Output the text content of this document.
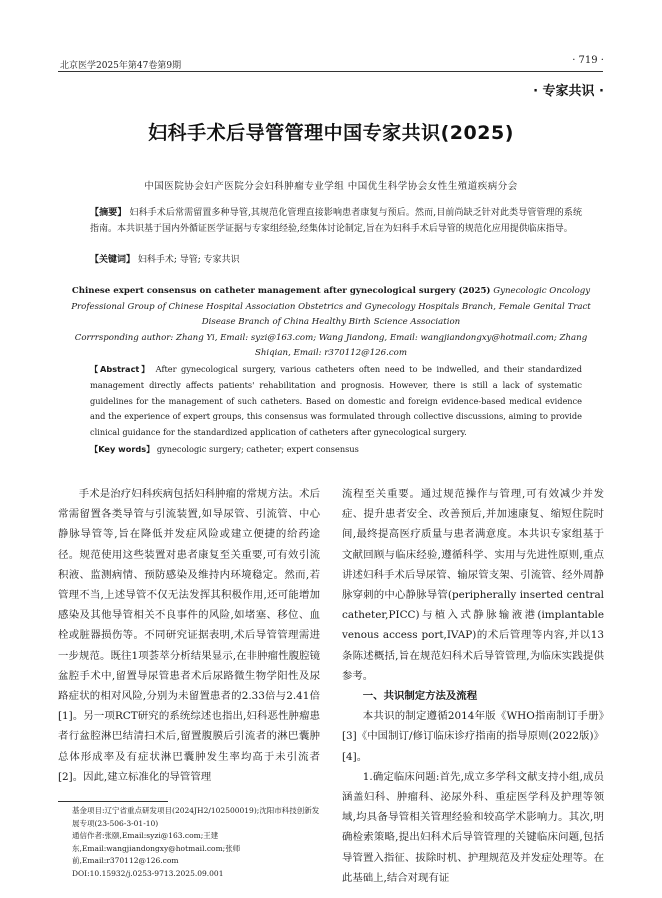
北京医学2025年第47卷第9期	· 719 ·
· 专家共识 ·
妇科手术后导管管理中国专家共识(2025)
中国医院协会妇产医院分会妇科肿瘤专业学组 中国优生科学协会女性生殖道疾病分会
【摘要】 妇科手术后常需留置多种导管,其规范化管理直接影响患者康复与预后。然而,目前尚缺乏针对此类导管管理的系统指南。本共识基于国内外循证医学证据与专家组经验,经集体讨论制定,旨在为妇科手术后导管的规范化应用提供临床指导。
【关键词】 妇科手术; 导管; 专家共识
Chinese expert consensus on catheter management after gynecological surgery (2025) Gynecologic Oncology Professional Group of Chinese Hospital Association Obstetrics and Gynecology Hospitals Branch, Female Genital Tract Disease Branch of China Healthy Birth Science Association
Corrrsponding author: Zhang Yi, Email: syzi@163.com; Wang Jiandong, Email: wangjiandongxy@hotmail.com; Zhang Shiqian, Email: r370112@126.com
【Abstract】 After gynecological surgery, various catheters often need to be indwelled, and their standardized management directly affects patients' rehabilitation and prognosis. However, there is still a lack of systematic guidelines for the management of such catheters. Based on domestic and foreign evidence-based medical evidence and the experience of expert groups, this consensus was formulated through collective discussions, aiming to provide clinical guidance for the standardized application of catheters after gynecological surgery.
【Key words】 gynecologic surgery; catheter; expert consensus

手术是治疗妇科疾病包括妇科肿瘤的常规方法。术后常需留置各类导管与引流装置,如导尿管、引流管、中心静脉导管等,旨在降低并发症风险或建立便捷的给药途径。规范使用这些装置对患者康复至关重要,可有效引流积液、监测病情、预防感染及维持内环境稳定。然而,若管理不当,上述导管不仅无法发挥其积极作用,还可能增加感染及其他导管相关不良事件的风险,如堵塞、移位、血栓或脏器损伤等。不同研究证据表明,术后导管管理需进一步规范。既往1项荟萃分析结果显示,在非肿瘤性腹腔镜盆腔手术中,留置导尿管患者术后尿路微生物学阳性及尿路症状的相对风险,分别为未留置患者的2.33倍与2.41倍[1]。另一项RCT研究的系统综述也指出,妇科恶性肿瘤患者行盆腔淋巴结清扫术后,留置腹膜后引流者的淋巴囊肿总体形成率及有症状淋巴囊肿发生率均高于未引流者[2]。因此,建立标准化的导管管理

流程至关重要。通过规范操作与管理,可有效减少并发症、提升患者安全、改善预后,并加速康复、缩短住院时间,最终提高医疗质量与患者满意度。本共识专家组基于文献回顾与临床经验,遵循科学、实用与先进性原则,重点讲述妇科手术后导尿管、输尿管支架、引流管、经外周静脉穿刺的中心静脉导管(peripherally inserted central catheter,PICC)与植入式静脉输液港(implantable venous access port,IVAP)的术后管理等内容,并以13条陈述概括,旨在规范妇科术后导管管理,为临床实践提供参考。

一、共识制定方法及流程

本共识的制定遵循2014年版《WHO指南制订手册》[3]《中国制订/修订临床诊疗指南的指导原则(2022版)》[4]。

1.确定临床问题:首先,成立多学科文献支持小组,成员涵盖妇科、肿瘤科、泌尿外科、重症医学科及护理等领域,均具备导管相关管理经验和较高学术影响力。其次,明确检索策略,提出妇科术后导管管理的关键临床问题,包括导管置入指征、拔除时机、护理规范及并发症处理等。在此基础上,结合对现有证

基金项目:辽宁省重点研发项目(2024JH2/102500019);沈阳市科技创新发展专项(23-506-3-01-10)
通信作者:张颐,Email:syzi@163.com;王建东,Email:wangjiandongxy@hotmail.com;张师前,Email:r370112@126.com
DOI:10.15932/j.0253-9713.2025.09.001
